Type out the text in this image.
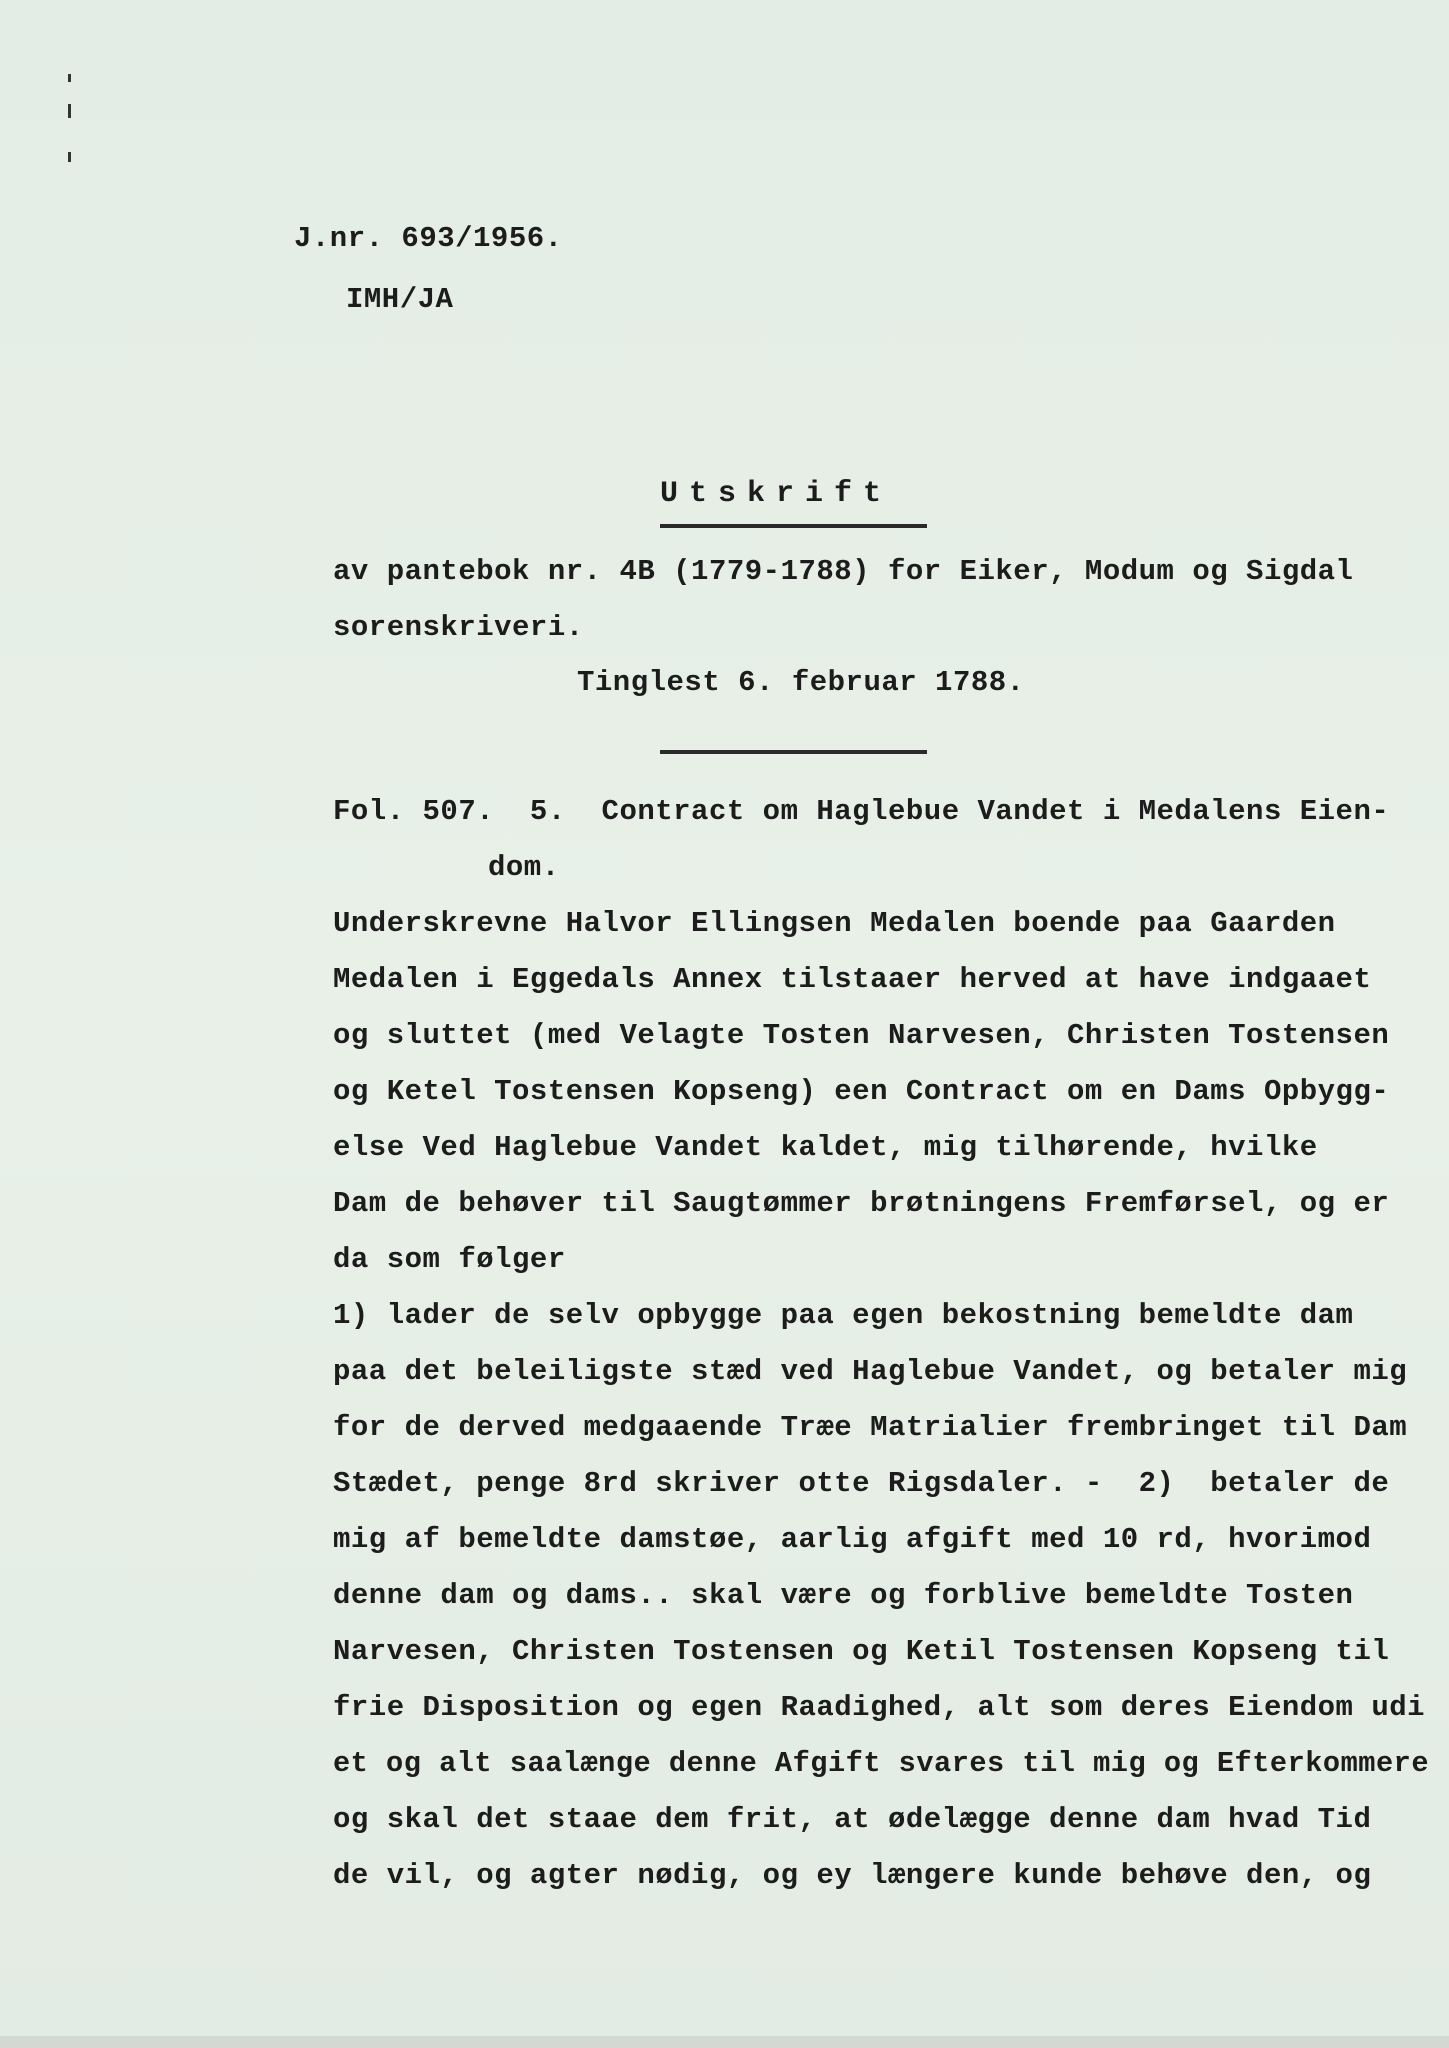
J.nr. 693/1956.
IMH/JA
Utskrift
av pantebok nr. 4B (1779-1788) for Eiker, Modum og Sigdal
sorenskriveri.
Tinglest 6. februar 1788.
Fol. 507.  5.  Contract om Haglebue Vandet i Medalens Eien-
dom.
Underskrevne Halvor Ellingsen Medalen boende paa Gaarden
Medalen i Eggedals Annex tilstaaer herved at have indgaaet
og sluttet (med Velagte Tosten Narvesen, Christen Tostensen
og Ketel Tostensen Kopseng) een Contract om en Dams Opbygg-
else Ved Haglebue Vandet kaldet, mig tilhørende, hvilke
Dam de behøver til Saugtømmer brøtningens Fremførsel, og er
da som følger
1) lader de selv opbygge paa egen bekostning bemeldte dam
paa det beleiligste stæd ved Haglebue Vandet, og betaler mig
for de derved medgaaende Træe Matrialier frembringet til Dam
Stædet, penge 8rd skriver otte Rigsdaler. -  2)  betaler de
mig af bemeldte damstøe, aarlig afgift med 10 rd, hvorimod
denne dam og dams.. skal være og forblive bemeldte Tosten
Narvesen, Christen Tostensen og Ketil Tostensen Kopseng til
frie Disposition og egen Raadighed, alt som deres Eiendom udi
et og alt saalænge denne Afgift svares til mig og Efterkommere
og skal det staae dem frit, at ødelægge denne dam hvad Tid
de vil, og agter nødig, og ey længere kunde behøve den, og
